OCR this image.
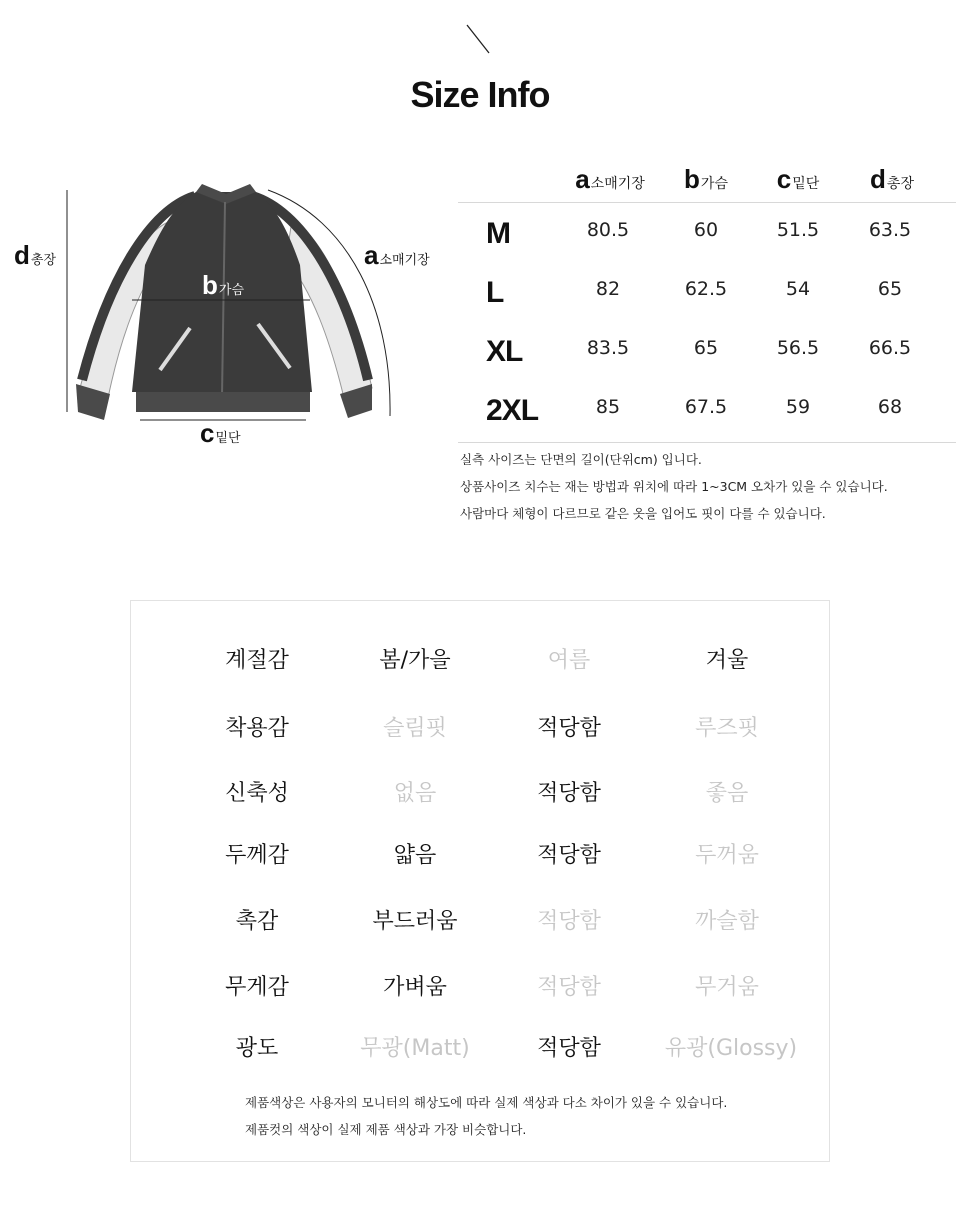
Size Info
d 총장	a 소매기장
b 가슴
c 밑단
a 소매기장 b 가슴 c 밑단 d 총장
M	80.5	60	51.5	63.5
L	82	62.5	54	65
XL	83.5	65	56.5	66.5
2XL	85	67.5	59	68

실측 사이즈는 단면의 길이(단위cm) 입니다.

상품사이즈 치수는 재는 방법과 위치에 따라 1~3CM 오차가 있을 수 있습니다.

사람마다 체형이 다르므로 같은 옷을 입어도 핏이 다를 수 있습니다.

계절감	봄/가을	여름	겨울
착용감	슬림핏	적당함	루즈핏
신축성	없음	적당함	좋음
두께감	얇음	적당함	두꺼움
촉감	부드러움	적당함	까슬함
무게감	가벼움	적당함	무거움
광도	무광(Matt)	적당함	유광(Glossy)

제품색상은 사용자의 모니터의 해상도에 따라 실제 색상과 다소 차이가 있을 수 있습니다.

제품컷의 색상이 실제 제품 색상과 가장 비슷합니다.
